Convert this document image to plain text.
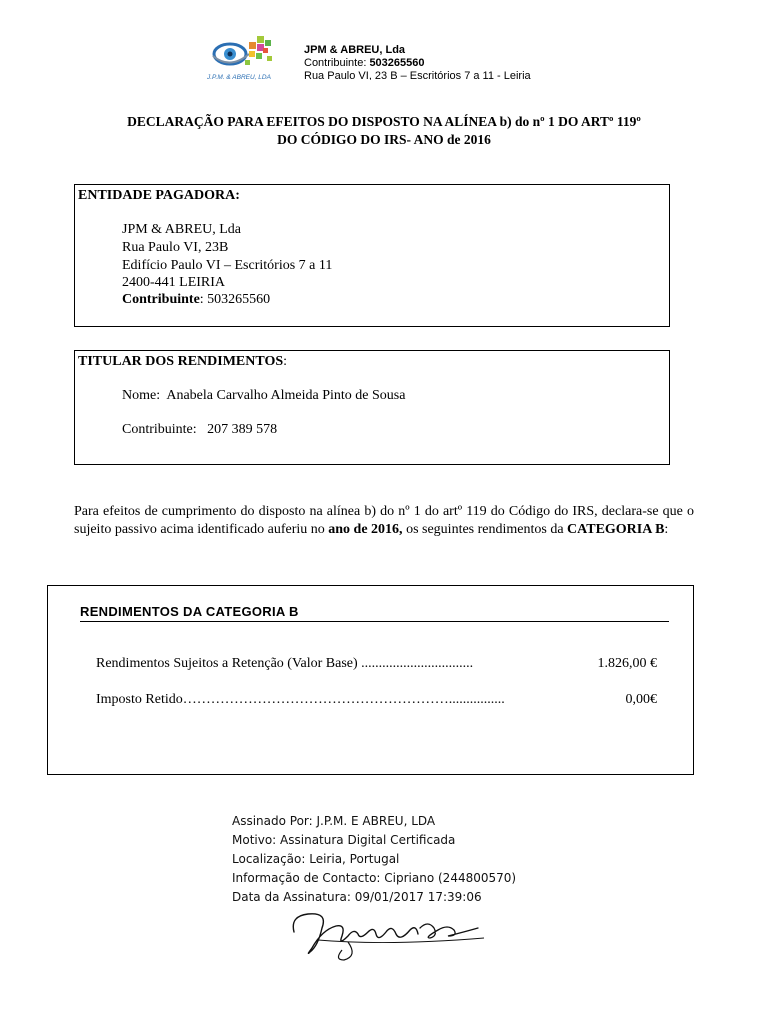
J.P.M. & ABREU, LDA
JPM & ABREU, Lda
Contribuinte: 503265560
Rua Paulo VI, 23 B – Escritórios 7 a 11 - Leiria
DECLARAÇÃO PARA EFEITOS DO DISPOSTO NA ALÍNEA b) do nº 1 DO ARTº 119º
DO CÓDIGO DO IRS- ANO de 2016
ENTIDADE PAGADORA:
JPM & ABREU, Lda
Rua Paulo VI, 23B
Edifício Paulo VI – Escritórios 7 a 11
2400-441 LEIRIA
Contribuinte: 503265560
TITULAR DOS RENDIMENTOS:
Nome: Anabela Carvalho Almeida Pinto de Sousa
Contribuinte: 207 389 578
Para efeitos de cumprimento do disposto na alínea b) do nº 1 do artº 119 do Código do IRS, declara-se que o sujeito passivo acima identificado auferiu no ano de 2016, os seguintes rendimentos da CATEGORIA B:
RENDIMENTOS DA CATEGORIA B
Rendimentos Sujeitos a Retenção (Valor Base) ................................	1.826,00 €
Imposto Retido…………………………………………………................	0,00€
Assinado Por: J.P.M. E ABREU, LDA
Motivo: Assinatura Digital Certificada
Localização: Leiria, Portugal
Informação de Contacto: Cipriano (244800570)
Data da Assinatura: 09/01/2017 17:39:06
